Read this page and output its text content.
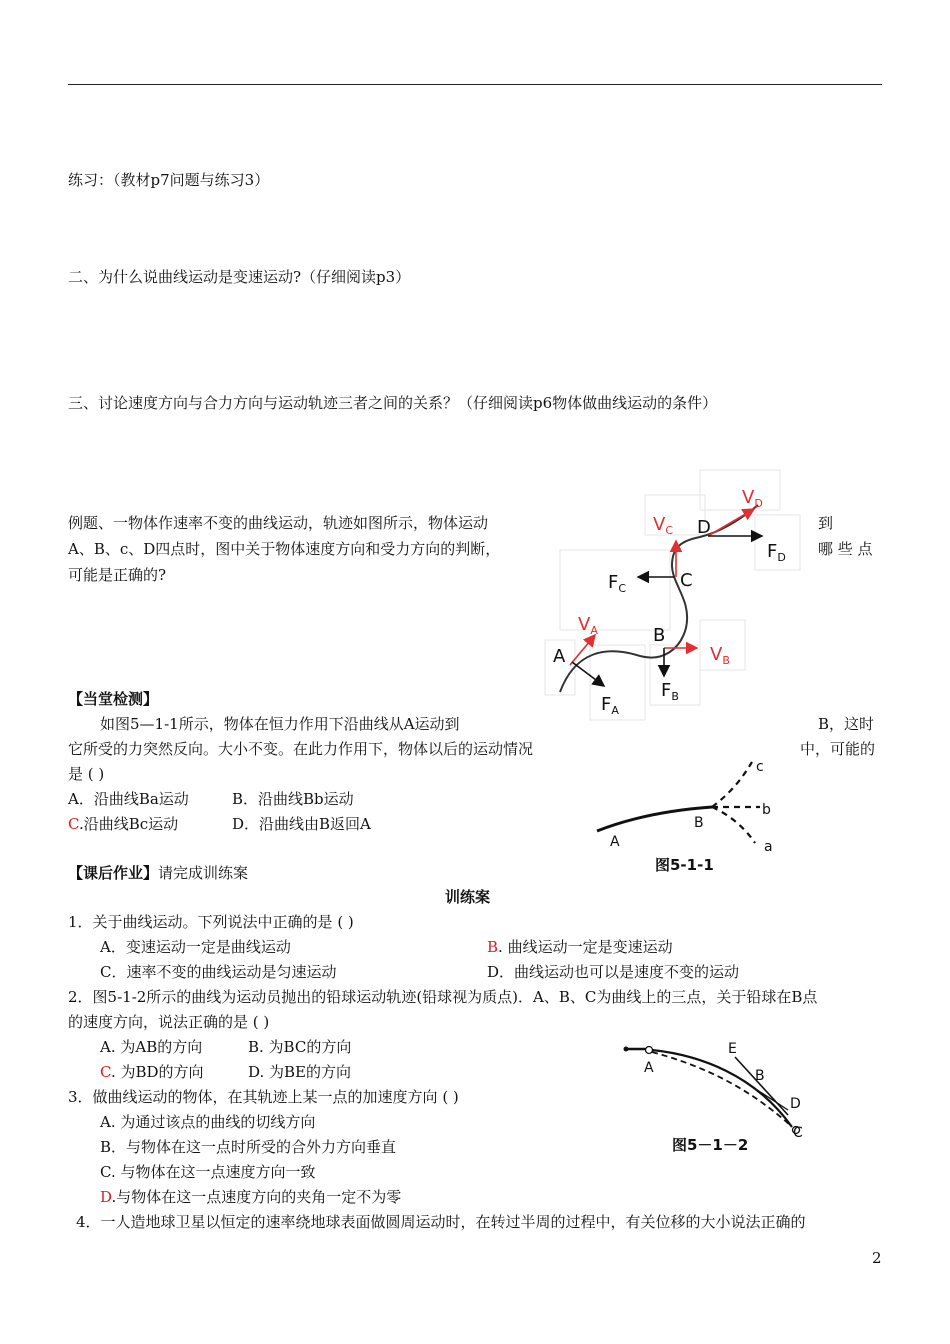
练习：（教材p7问题与练习3）
二、为什么说曲线运动是变速运动?（仔细阅读p3）
三、讨论速度方向与合力方向与运动轨迹三者之间的关系？（仔细阅读p6物体做曲线运动的条件）
例题、一物体作速率不变的曲线运动，轨迹如图所示，物体运动	到
A、B、c、D四点时，图中关于物体速度方向和受力方向的判断，	哪 些 点
可能是正确的?
A
B
C
D
$V_A$
$V_B$
$V_C$
$V_D$
$F_A$
$F_B$
$F_C$
$F_D$
【当堂检测】
如图5—1-1所示，物体在恒力作用下沿曲线从A运动到	B，这时
它所受的力突然反向。大小不变。在此力作用下，物体以后的运动情况	中，可能的
是 ( )
A．沿曲线Ba运动	B．沿曲线Bb运动
C.沿曲线Bc运动	D．沿曲线由B返回A
A
B
a
b
c
图5-1-1
【课后作业】请完成训练案
训练案
1．关于曲线运动。下列说法中正确的是 ( )
A．变速运动一定是曲线运动	B. 曲线运动一定是变速运动
C．速率不变的曲线运动是匀速运动	D．曲线运动也可以是速度不变的运动
2．图5-1-2所示的曲线为运动员抛出的铅球运动轨迹(铅球视为质点)．A、B、C为曲线上的三点，关于铅球在B点
的速度方向，说法正确的是 ( )
A. 为AB的方向	B. 为BC的方向
C. 为BD的方向	D. 为BE的方向	A	B
C
D
E
图5－1－2
3．做曲线运动的物体，在其轨迹上某一点的加速度方向 ( )
A. 为通过该点的曲线的切线方向
B．与物体在这一点时所受的合外力方向垂直
C. 与物体在这一点速度方向一致
D.与物体在这一点速度方向的夹角一定不为零
4．一人造地球卫星以恒定的速率绕地球表面做圆周运动时，在转过半周的过程中，有关位移的大小说法正确的
2
